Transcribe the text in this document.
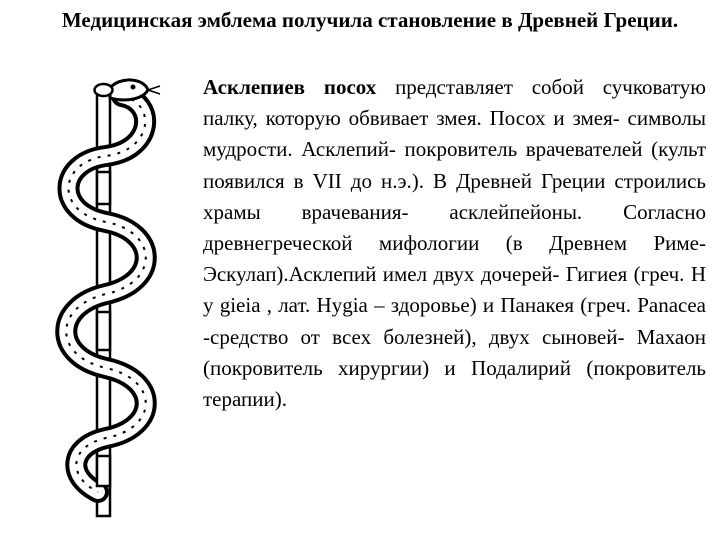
Медицинская эмблема получила становление в Древней Греции.

Асклепиев посох представляет собой сучковатую палку, которую обвивает змея. Посох и змея- символы мудрости. Асклепий- покровитель врачевателей (культ появился в VII до н.э.). В Древней Греции строились храмы врачевания- асклейпейоны. Согласно древнегреческой мифологии (в Древнем Риме- Эскулап).Асклепий имел двух дочерей- Гигиея (греч. H y gieia , лат. Hygia – здоровье) и Панакея (греч. Panacea -средство от всех болезней), двух сыновей- Махаон (покровитель хирургии) и Подалирий (покровитель терапии).
